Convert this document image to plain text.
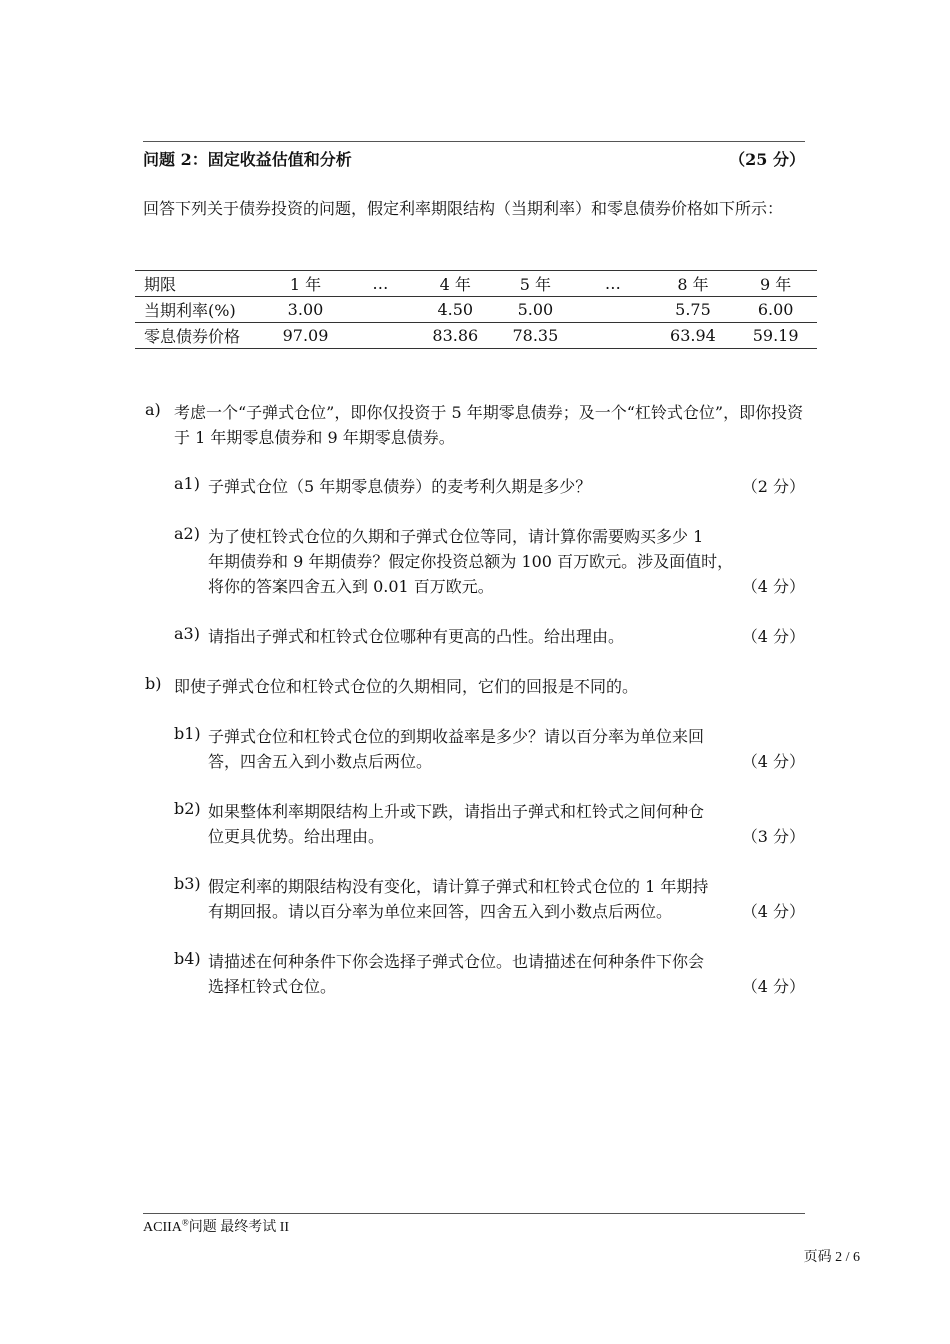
问题 2：固定收益估值和分析	（25 分）
回答下列关于债券投资的问题，假定利率期限结构（当期利率）和零息债券价格如下所示：
期限	1 年	…	4 年	5 年	…	8 年	9 年
当期利率(%)	3.00		4.50	5.00		5.75	6.00
零息债券价格	97.09		83.86	78.35		63.94	59.19
a) 考虑一个“子弹式仓位”，即你仅投资于 5 年期零息债券；及一个“杠铃式仓位”，即你投资于 1 年期零息债券和 9 年期零息债券。
a1) 子弹式仓位（5 年期零息债券）的麦考利久期是多少？	（2 分）
a2) 为了使杠铃式仓位的久期和子弹式仓位等同，请计算你需要购买多少 1
年期债券和 9 年期债券？假定你投资总额为 100 百万欧元。涉及面值时，
将你的答案四舍五入到 0.01 百万欧元。	（4 分）
a3) 请指出子弹式和杠铃式仓位哪种有更高的凸性。给出理由。	（4 分）
b) 即使子弹式仓位和杠铃式仓位的久期相同，它们的回报是不同的。
b1) 子弹式仓位和杠铃式仓位的到期收益率是多少？请以百分率为单位来回
答，四舍五入到小数点后两位。	（4 分）
b2) 如果整体利率期限结构上升或下跌，请指出子弹式和杠铃式之间何种仓
位更具优势。给出理由。	（3 分）
b3) 假定利率的期限结构没有变化，请计算子弹式和杠铃式仓位的 1 年期持
有期回报。请以百分率为单位来回答，四舍五入到小数点后两位。	（4 分）
b4) 请描述在何种条件下你会选择子弹式仓位。也请描述在何种条件下你会
选择杠铃式仓位。	（4 分）
ACIIA®问题 最终考试 II
页码 2 / 6
